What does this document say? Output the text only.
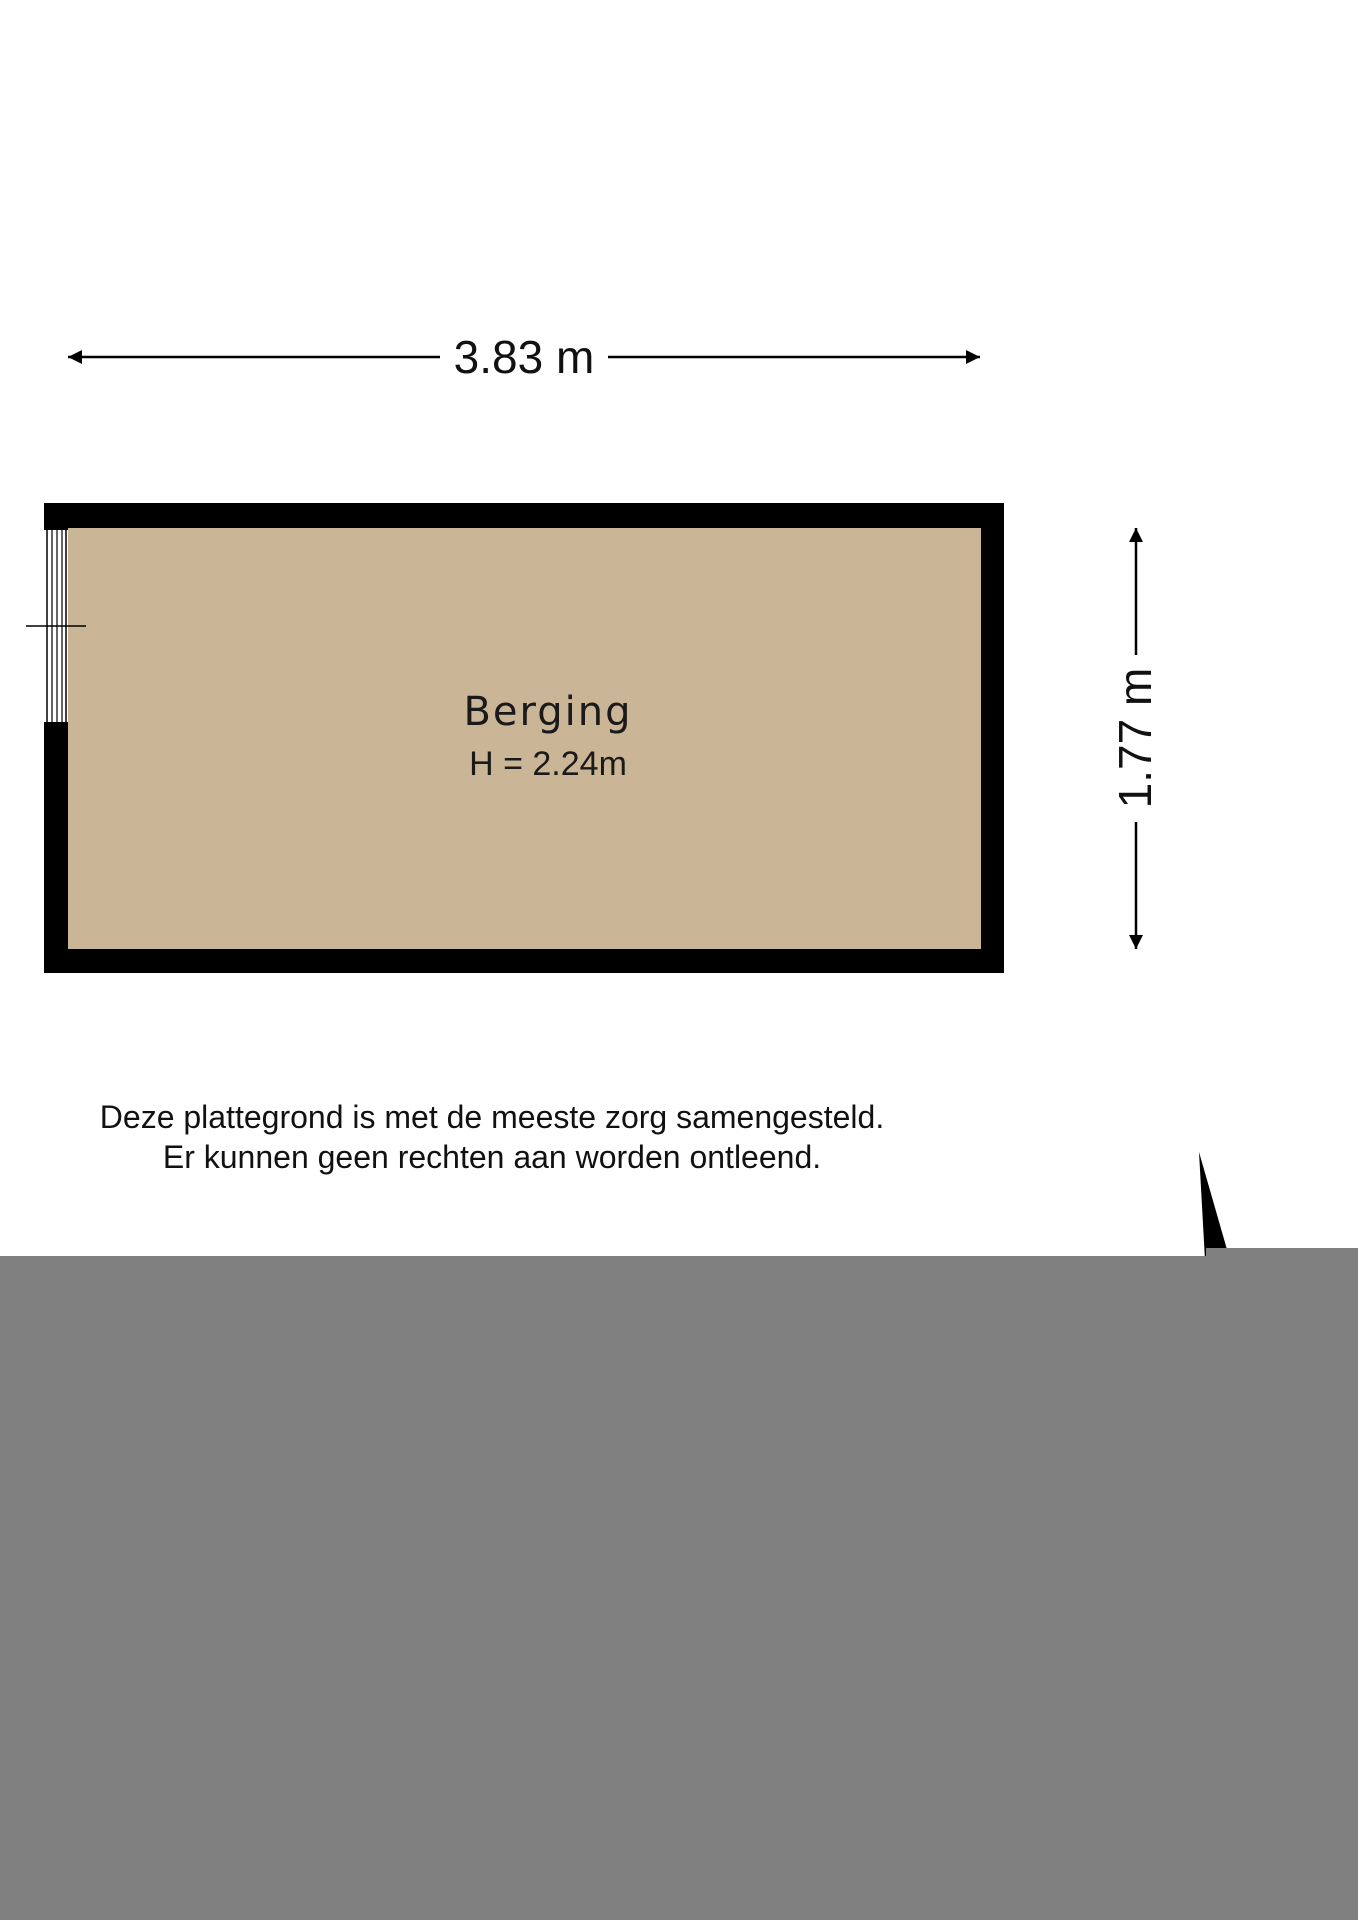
3.83 m
Berging
H = 2.24m	1.77 m
Deze plattegrond is met de meeste zorg samengesteld.
Er kunnen geen rechten aan worden ontleend.
